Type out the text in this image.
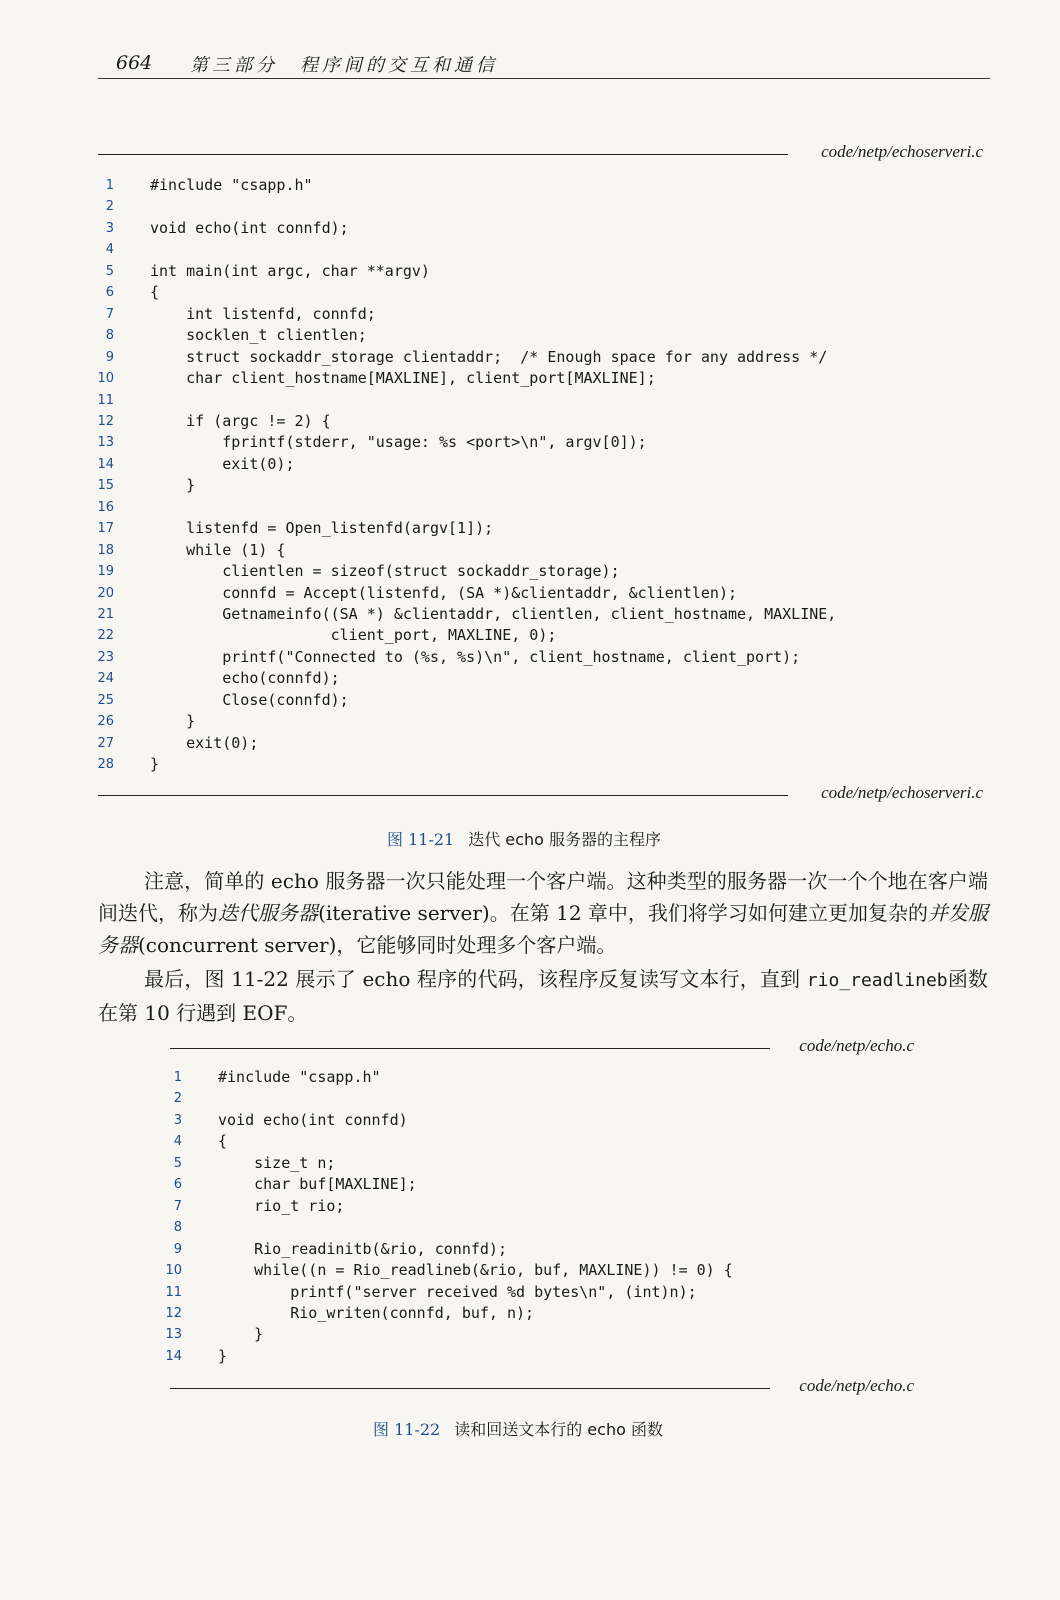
664 第三部分　程序间的交互和通信
code/netp/echoserveri.c
1 #include "csapp.h"
2
3 void echo(int connfd);
4
5 int main(int argc, char **argv)
6 {
7 int listenfd, connfd;
8 socklen_t clientlen;
9 struct sockaddr_storage clientaddr;  /* Enough space for any address */
10 char client_hostname[MAXLINE], client_port[MAXLINE];
11
12 if (argc != 2) {
13 fprintf(stderr, "usage: %s <port>\n", argv[0]);
14 exit(0);
15 }
16
17 listenfd = Open_listenfd(argv[1]);
18 while (1) {
19 clientlen = sizeof(struct sockaddr_storage);
20 connfd = Accept(listenfd, (SA *)&clientaddr, &clientlen);
21 Getnameinfo((SA *) &clientaddr, clientlen, client_hostname, MAXLINE,
22 client_port, MAXLINE, 0);
23 printf("Connected to (%s, %s)\n", client_hostname, client_port);
24 echo(connfd);
25 Close(connfd);
26 }
27 exit(0);
28 }
code/netp/echoserveri.c
图 11-21 迭代 echo 服务器的主程序
注意，简单的 echo 服务器一次只能处理一个客户端。这种类型的服务器一次一个个地在客户端间迭代，称为迭代服务器(iterative server)。在第 12 章中，我们将学习如何建立更加复杂的并发服务器(concurrent server)，它能够同时处理多个客户端。
最后，图 11-22 展示了 echo 程序的代码，该程序反复读写文本行，直到 rio_readlineb函数在第 10 行遇到 EOF。
code/netp/echo.c
1 #include "csapp.h"
2
3 void echo(int connfd)
4 {
5 size_t n;
6 char buf[MAXLINE];
7 rio_t rio;
8
9 Rio_readinitb(&rio, connfd);
10 while((n = Rio_readlineb(&rio, buf, MAXLINE)) != 0) {
11 printf("server received %d bytes\n", (int)n);
12 Rio_writen(connfd, buf, n);
13 }
14 }
code/netp/echo.c
图 11-22 读和回送文本行的 echo 函数
